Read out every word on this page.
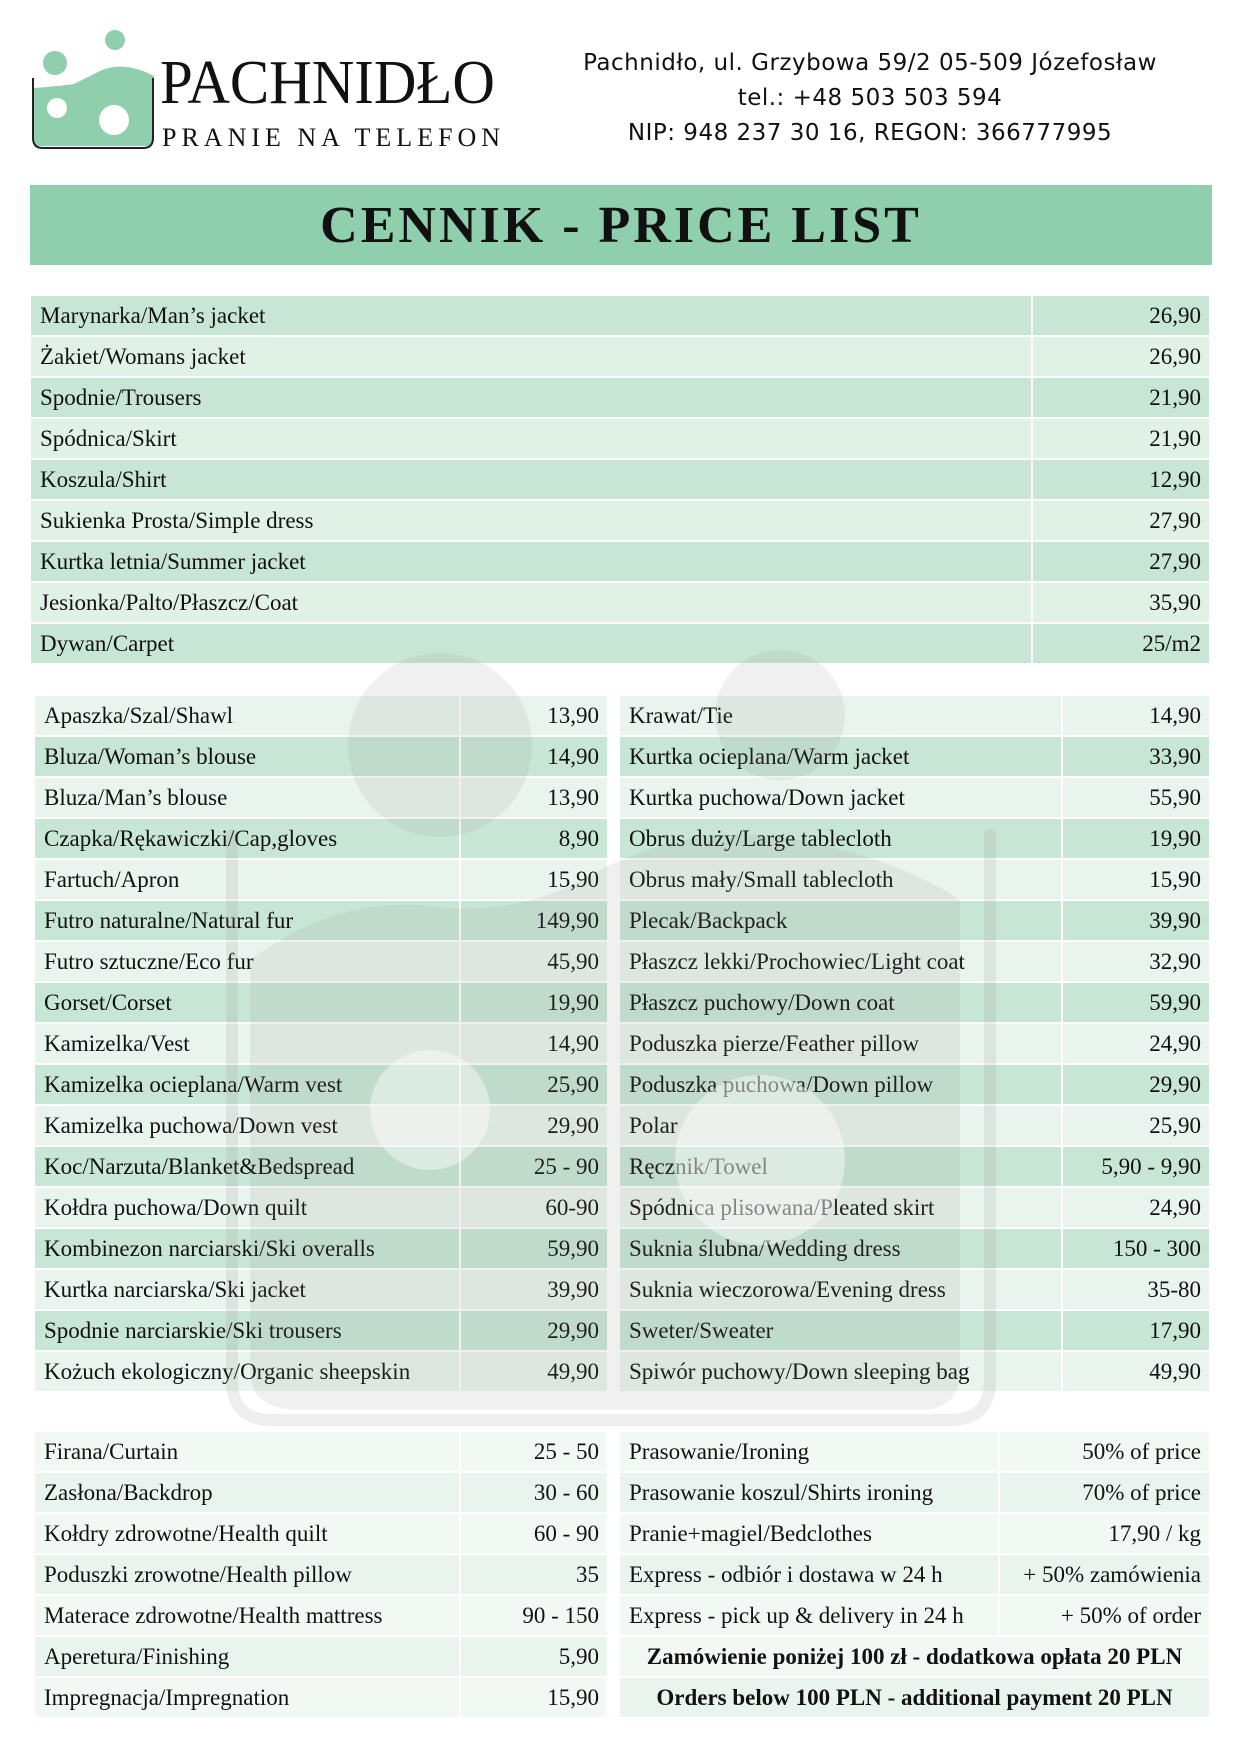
PACHNIDŁO
PRANIE NA TELEFON
Pachnidło, ul. Grzybowa 59/2 05-509 Józefosław
tel.: +48 503 503 594
NIP: 948 237 30 16, REGON: 366777995
CENNIK - PRICE LIST
Marynarka/Man’s jacket	26,90
Żakiet/Womans jacket	26,90
Spodnie/Trousers	21,90
Spódnica/Skirt	21,90
Koszula/Shirt	12,90
Sukienka Prosta/Simple dress	27,90
Kurtka letnia/Summer jacket	27,90
Jesionka/Palto/Płaszcz/Coat	35,90
Dywan/Carpet	25/m2
Apaszka/Szal/Shawl	13,90
Bluza/Woman’s blouse	14,90
Bluza/Man’s blouse	13,90
Czapka/Rękawiczki/Cap,gloves	8,90
Fartuch/Apron	15,90
Futro naturalne/Natural fur	149,90
Futro sztuczne/Eco fur	45,90
Gorset/Corset	19,90
Kamizelka/Vest	14,90
Kamizelka ocieplana/Warm vest	25,90
Kamizelka puchowa/Down vest	29,90
Koc/Narzuta/Blanket&Bedspread	25 - 90
Kołdra puchowa/Down quilt	60-90
Kombinezon narciarski/Ski overalls	59,90
Kurtka narciarska/Ski jacket	39,90
Spodnie narciarskie/Ski trousers	29,90
Kożuch ekologiczny/Organic sheepskin	49,90
Krawat/Tie	14,90
Kurtka ocieplana/Warm jacket	33,90
Kurtka puchowa/Down jacket	55,90
Obrus duży/Large tablecloth	19,90
Obrus mały/Small tablecloth	15,90
Plecak/Backpack	39,90
Płaszcz lekki/Prochowiec/Light coat	32,90
Płaszcz puchowy/Down coat	59,90
Poduszka pierze/Feather pillow	24,90
Poduszka puchowa/Down pillow	29,90
Polar	25,90
Ręcznik/Towel	5,90 - 9,90
Spódnica plisowana/Pleated skirt	24,90
Suknia ślubna/Wedding dress	150 - 300
Suknia wieczorowa/Evening dress	35-80
Sweter/Sweater	17,90
Spiwór puchowy/Down sleeping bag	49,90
Firana/Curtain	25 - 50
Zasłona/Backdrop	30 - 60
Kołdry zdrowotne/Health quilt	60 - 90
Poduszki zrowotne/Health pillow	35
Materace zdrowotne/Health mattress	90 - 150
Aperetura/Finishing	5,90
Impregnacja/Impregnation	15,90
Prasowanie/Ironing	50% of price
Prasowanie koszul/Shirts ironing	70% of price
Pranie+magiel/Bedclothes	17,90 / kg
Express - odbiór i dostawa w 24 h	+ 50% zamówienia
Express - pick up & delivery in 24 h	+ 50% of order
Zamówienie poniżej 100 zł - dodatkowa opłata 20 PLN
Orders below 100 PLN - additional payment 20 PLN
